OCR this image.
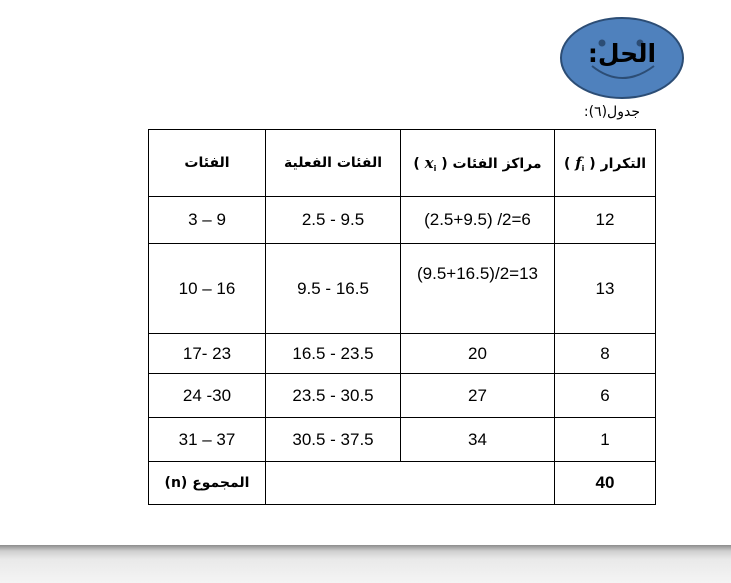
الحل:
جدول(٦):
الفئات	الفئات الفعلية	مراكز الفئات ( $x_i$ )	التكرار ( $f_i$ )
3 – 9	2.5 - 9.5	(2.5+9.5) /2=6	12
10 – 16	9.5 - 16.5	(9.5+16.5)/2=13	13
17- 23	16.5 - 23.5	20	8
24 -30	23.5 - 30.5	27	6
31 – 37	30.5 - 37.5	34	1
المجموع (n)			40
